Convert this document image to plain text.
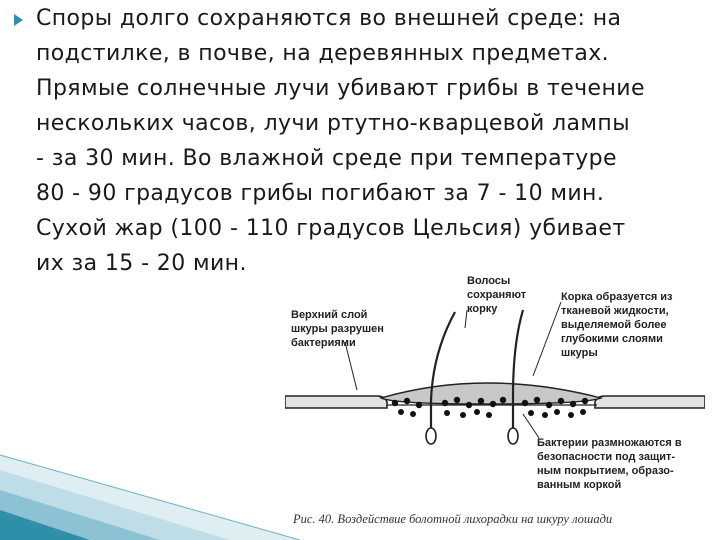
Споры долго сохраняются во внешней среде: на
подстилке, в почве, на деревянных предметах.
Прямые солнечные лучи убивают грибы в течение
нескольких часов, лучи ртутно-кварцевой лампы
- за 30 мин. Во влажной среде при температуре
80 - 90 градусов грибы погибают за 7 - 10 мин.
Сухой жар (100 - 110 градусов Цельсия) убивает
их за 15 - 20 мин.

Верхний слой
шкуры разрушен
бактериями
Волосы
сохраняют
корку
Корка образуется из
тканевой жидкости,
выделяемой более
глубокими слоями
шкуры
Бактерии размножаются в
безопасности под защит-
ным покрытием, образо-
ванным коркой
Рис. 40. Воздействие болотной лихорадки на шкуру лошади
